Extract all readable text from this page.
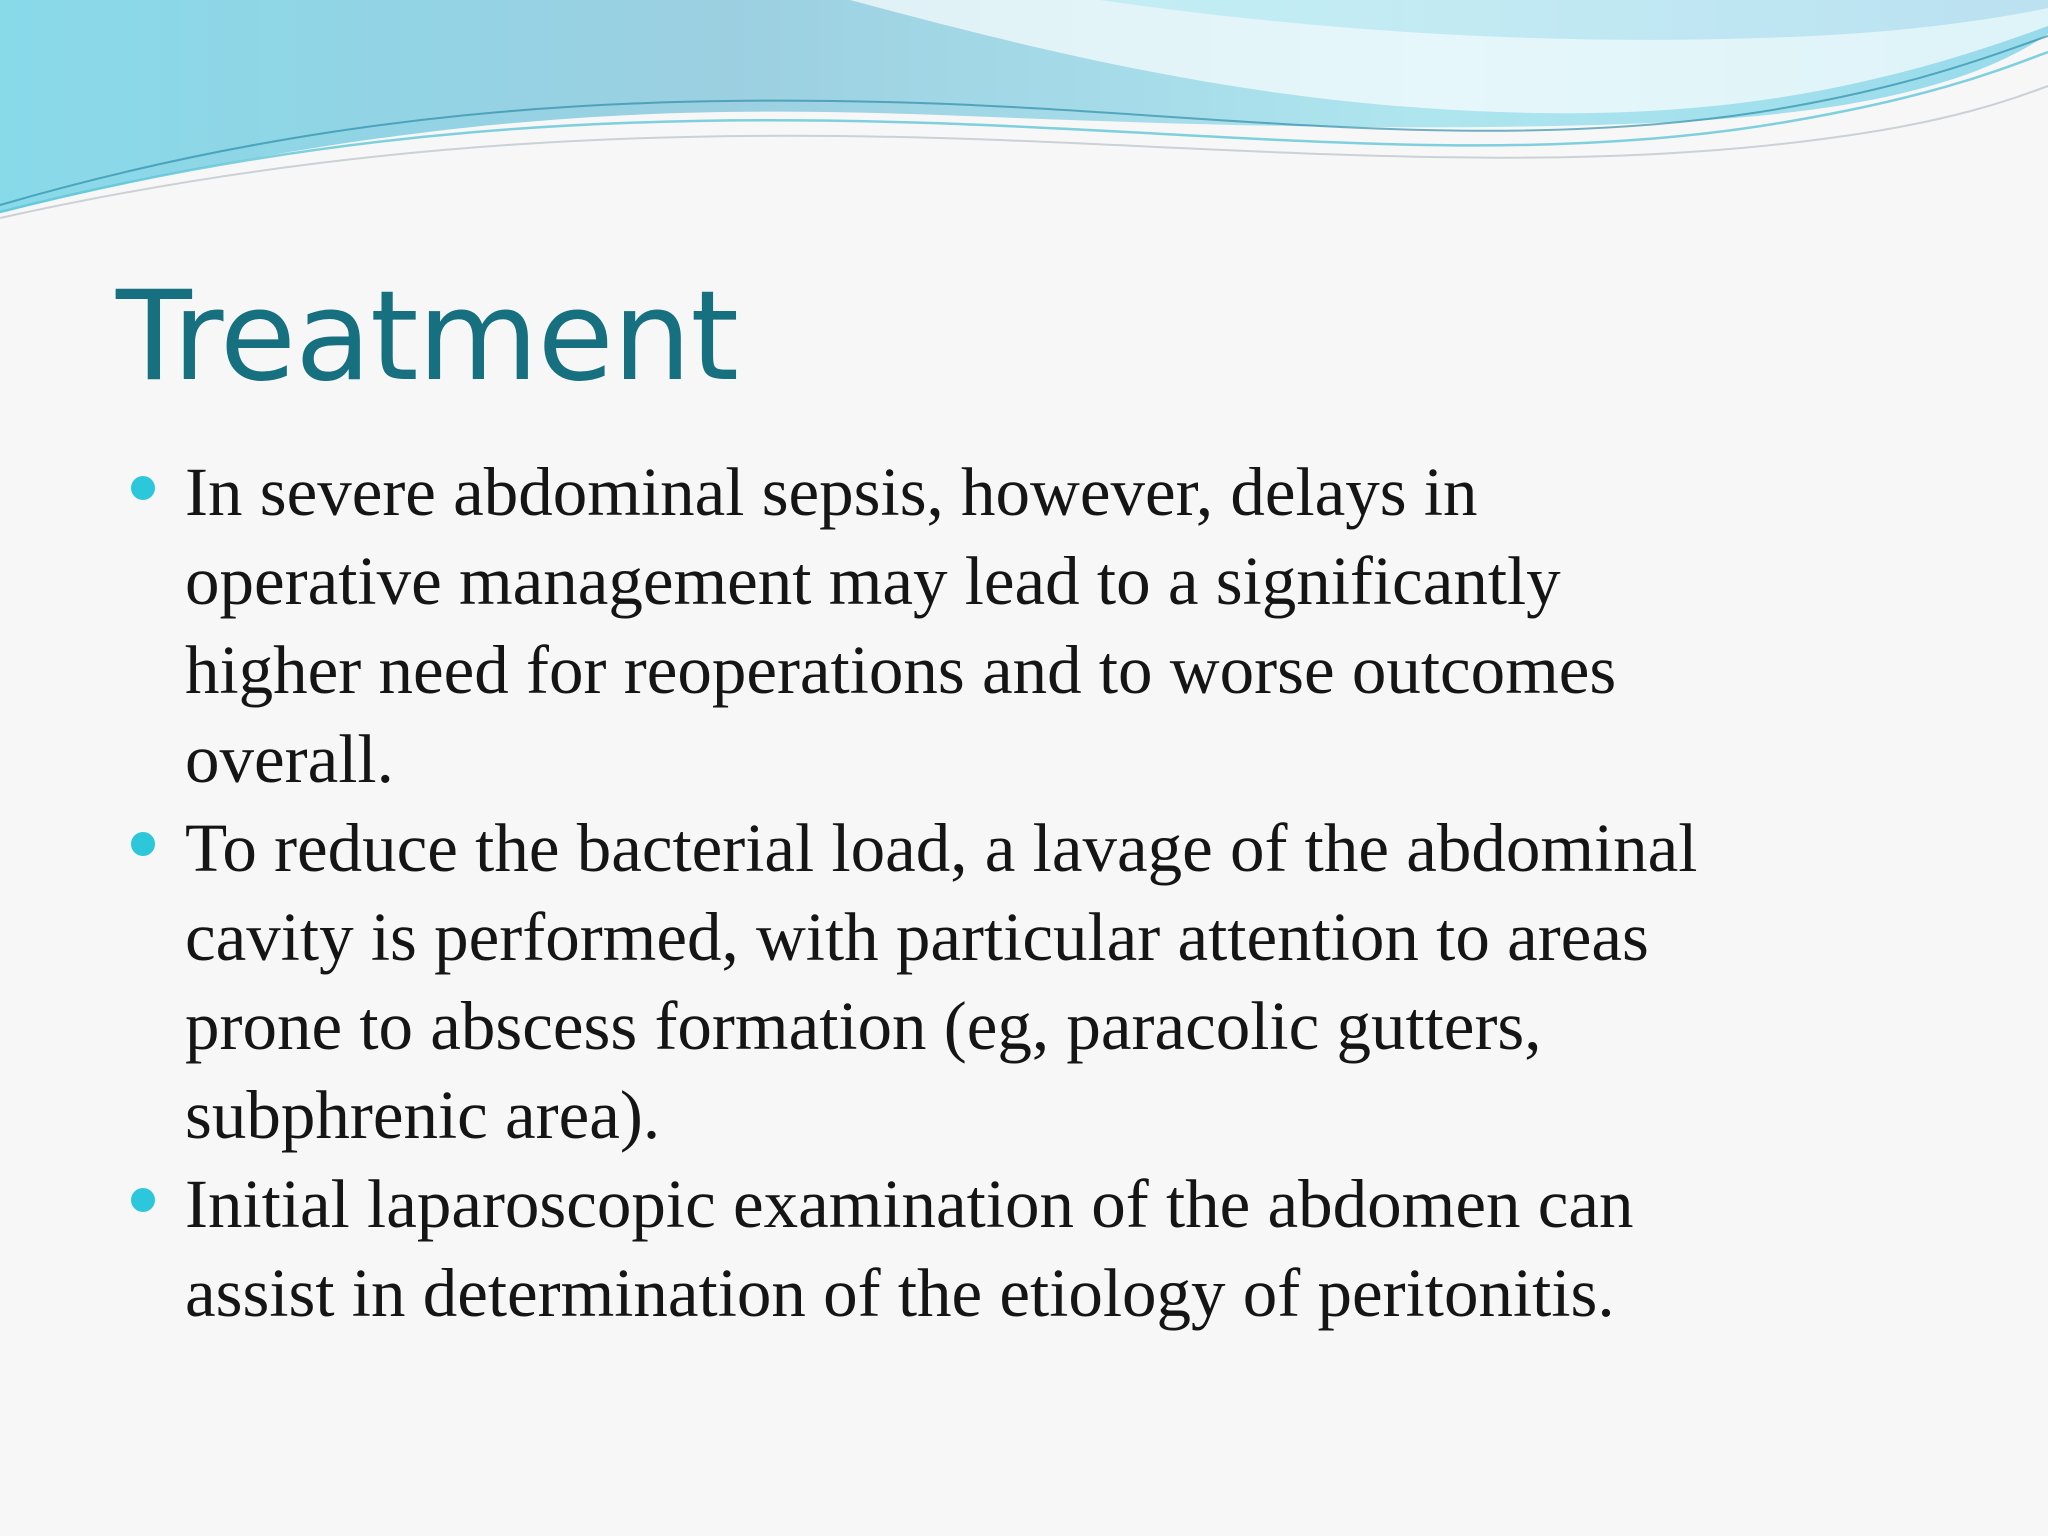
Treatment
In severe abdominal sepsis, however, delays in
operative management may lead to a significantly
higher need for reoperations and to worse outcomes
overall.
To reduce the bacterial load, a lavage of the abdominal
cavity is performed, with particular attention to areas
prone to abscess formation (eg, paracolic gutters,
subphrenic area).
Initial laparoscopic examination of the abdomen can
assist in determination of the etiology of peritonitis.
